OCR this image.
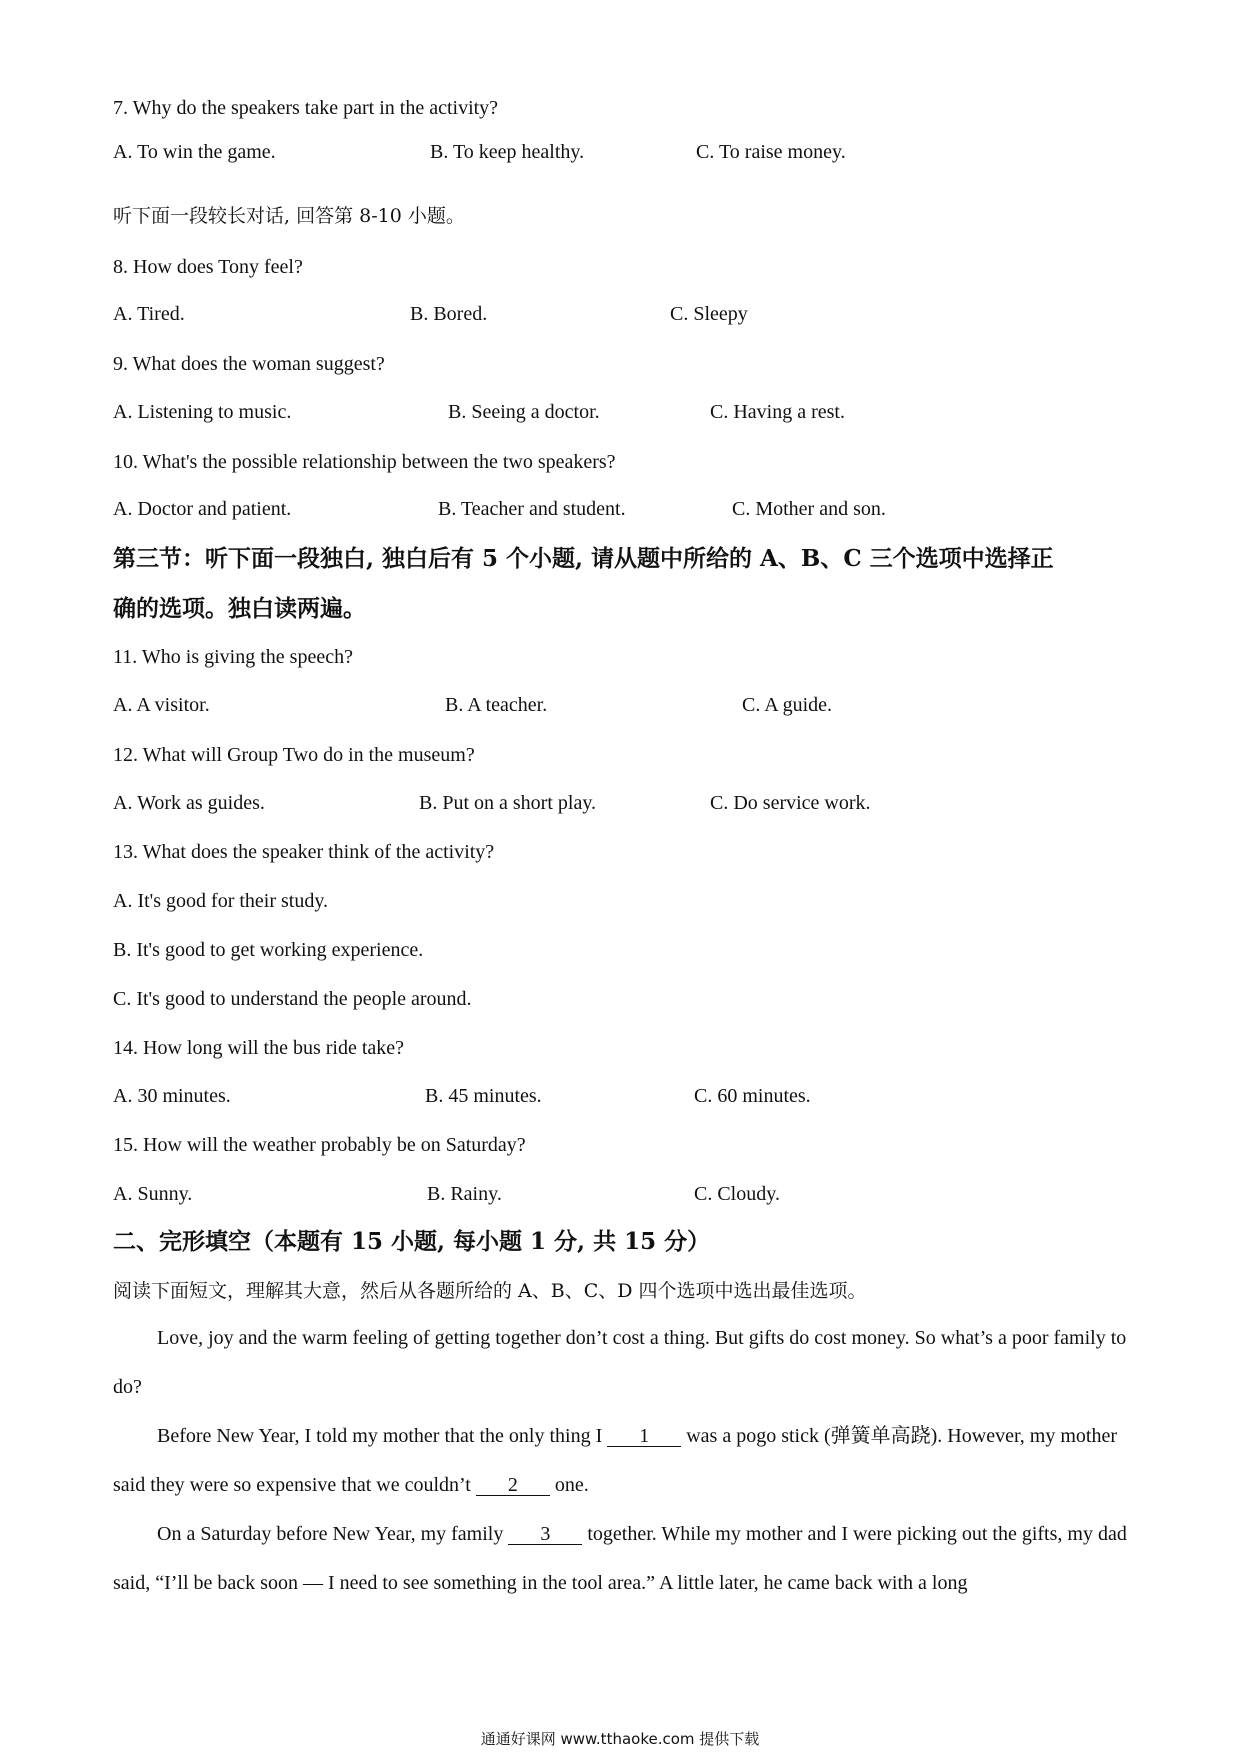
7. Why do the speakers take part in the activity?
A. To win the game.	B. To keep healthy.	C. To raise money.
听下面一段较长对话, 回答第 8-10 小题。
8. How does Tony feel?
A. Tired.	B. Bored.	C. Sleepy
9. What does the woman suggest?
A. Listening to music.	B. Seeing a doctor.	C. Having a rest.
10. What's the possible relationship between the two speakers?
A. Doctor and patient.	B. Teacher and student.	C. Mother and son.
第三节：听下面一段独白, 独白后有 5 个小题, 请从题中所给的 A、B、C 三个选项中选择正
确的选项。独白读两遍。
11. Who is giving the speech?
A. A visitor.	B. A teacher.	C. A guide.
12. What will Group Two do in the museum?
A. Work as guides.	B. Put on a short play.	C. Do service work.
13. What does the speaker think of the activity?
A. It's good for their study.
B. It's good to get working experience.
C. It's good to understand the people around.
14. How long will the bus ride take?
A. 30 minutes.	B. 45 minutes.	C. 60 minutes.
15. How will the weather probably be on Saturday?
A. Sunny.	B. Rainy.	C. Cloudy.
二、完形填空（本题有 15 小题, 每小题 1 分, 共 15 分）
阅读下面短文，理解其大意，然后从各题所给的 A、B、C、D 四个选项中选出最佳选项。
Love, joy and the warm feeling of getting together don’t cost a thing. But gifts do cost money. So what’s a poor family to do?
Before New Year, I told my mother that the only thing I 1 was a pogo stick (弹簧单高跷). However, my mother said they were so expensive that we couldn’t 2 one.
On a Saturday before New Year, my family 3 together. While my mother and I were picking out the gifts, my dad said, “I’ll be back soon — I need to see something in the tool area.” A little later, he came back with a long
通通好课网 www.tthaoke.com 提供下载
